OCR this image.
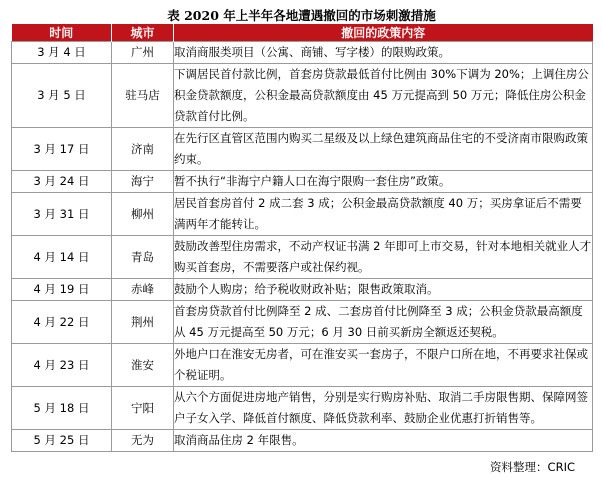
表 2020 年上半年各地遭遇撤回的市场刺激措施
时间	城市	撤回的政策内容
3 月 4 日	广州	取消商服类项目（公寓、商铺、写字楼）的限购政策。
3 月 5 日	驻马店	下调居民首付款比例，首套房贷款最低首付比例由 30%下调为 20%；上调住房公积金贷款额度，公积金最高贷款额度由 45 万元提高到 50 万元；降低住房公积金贷款首付比例。
3 月 17 日	济南	在先行区直管区范围内购买二星级及以上绿色建筑商品住宅的不受济南市限购政策约束。
3 月 24 日	海宁	暂不执行“非海宁户籍人口在海宁限购一套住房”政策。
3 月 31 日	柳州	居民首套房首付 2 成二套 3 成；公积金最高贷款额度 40 万；买房拿证后不需要满两年才能转让。
4 月 14 日	青岛	鼓励改善型住房需求，不动产权证书满 2 年即可上市交易，针对本地相关就业人才购买首套房，不需要落户或社保约视。
4 月 19 日	赤峰	鼓励个人购房；给予税收财政补贴；限售政策取消。
4 月 22 日	荆州	首套房贷款首付比例降至 2 成、二套房首付比例降至 3 成；公积金贷款最高额度从 45 万元提高至 50 万元；6 月 30 日前买新房全额返还契税。
4 月 23 日	淮安	外地户口在淮安无房者，可在淮安买一套房子，不限户口所在地，不再要求社保或个税证明。
5 月 18 日	宁阳	从六个方面促进房地产销售，分别是实行购房补贴、取消二手房限售期、保障网签户子女入学、降低首付额度、降低贷款利率、鼓励企业优惠打折销售等。
5 月 25 日	无为	取消商品住房 2 年限售。
资料整理：CRIC
